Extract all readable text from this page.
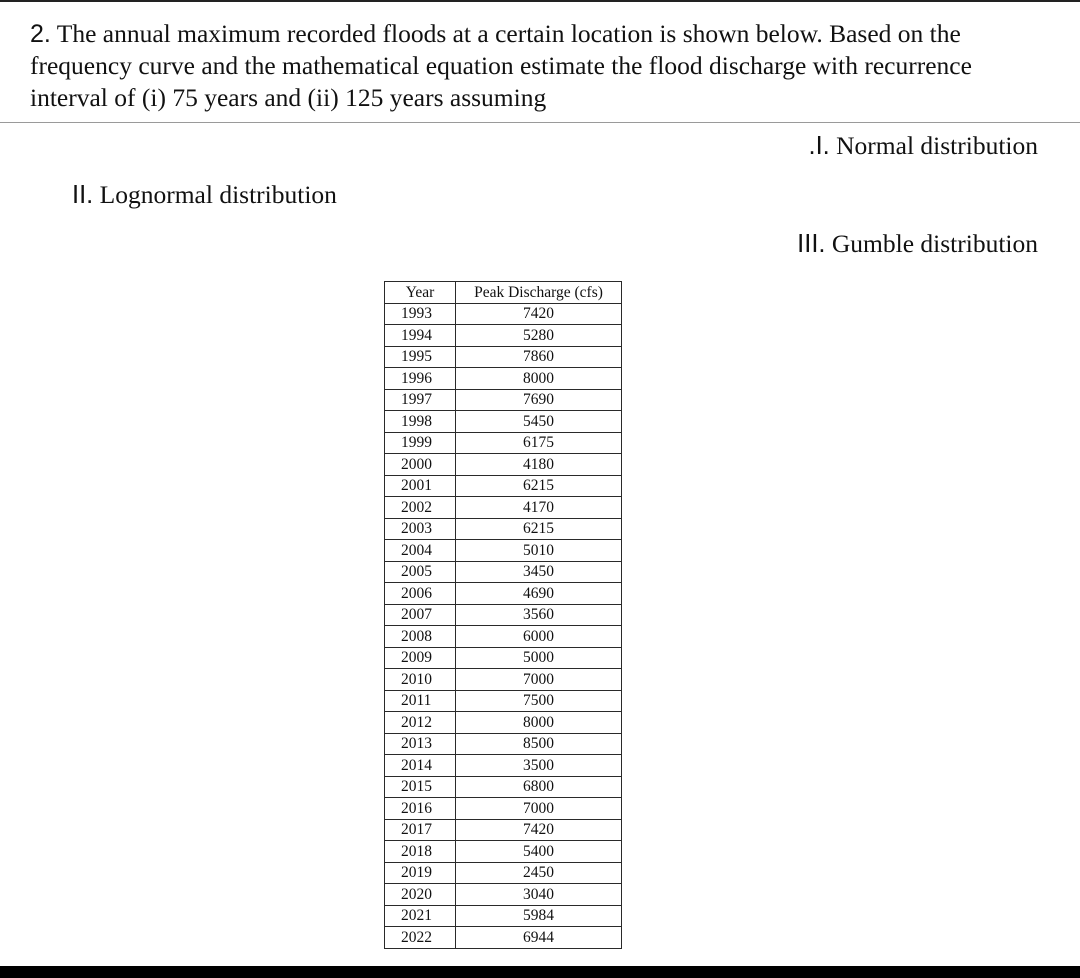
2. The annual maximum recorded floods at a certain location is shown below. Based on the frequency curve and the mathematical equation estimate the flood discharge with recurrence interval of (i) 75 years and (ii) 125 years assuming

.I. Normal distribution
II. Lognormal distribution
III. Gumble distribution
Year	Peak Discharge (cfs)
1993	7420
1994	5280
1995	7860
1996	8000
1997	7690
1998	5450
1999	6175
2000	4180
2001	6215
2002	4170
2003	6215
2004	5010
2005	3450
2006	4690
2007	3560
2008	6000
2009	5000
2010	7000
2011	7500
2012	8000
2013	8500
2014	3500
2015	6800
2016	7000
2017	7420
2018	5400
2019	2450
2020	3040
2021	5984
2022	6944
